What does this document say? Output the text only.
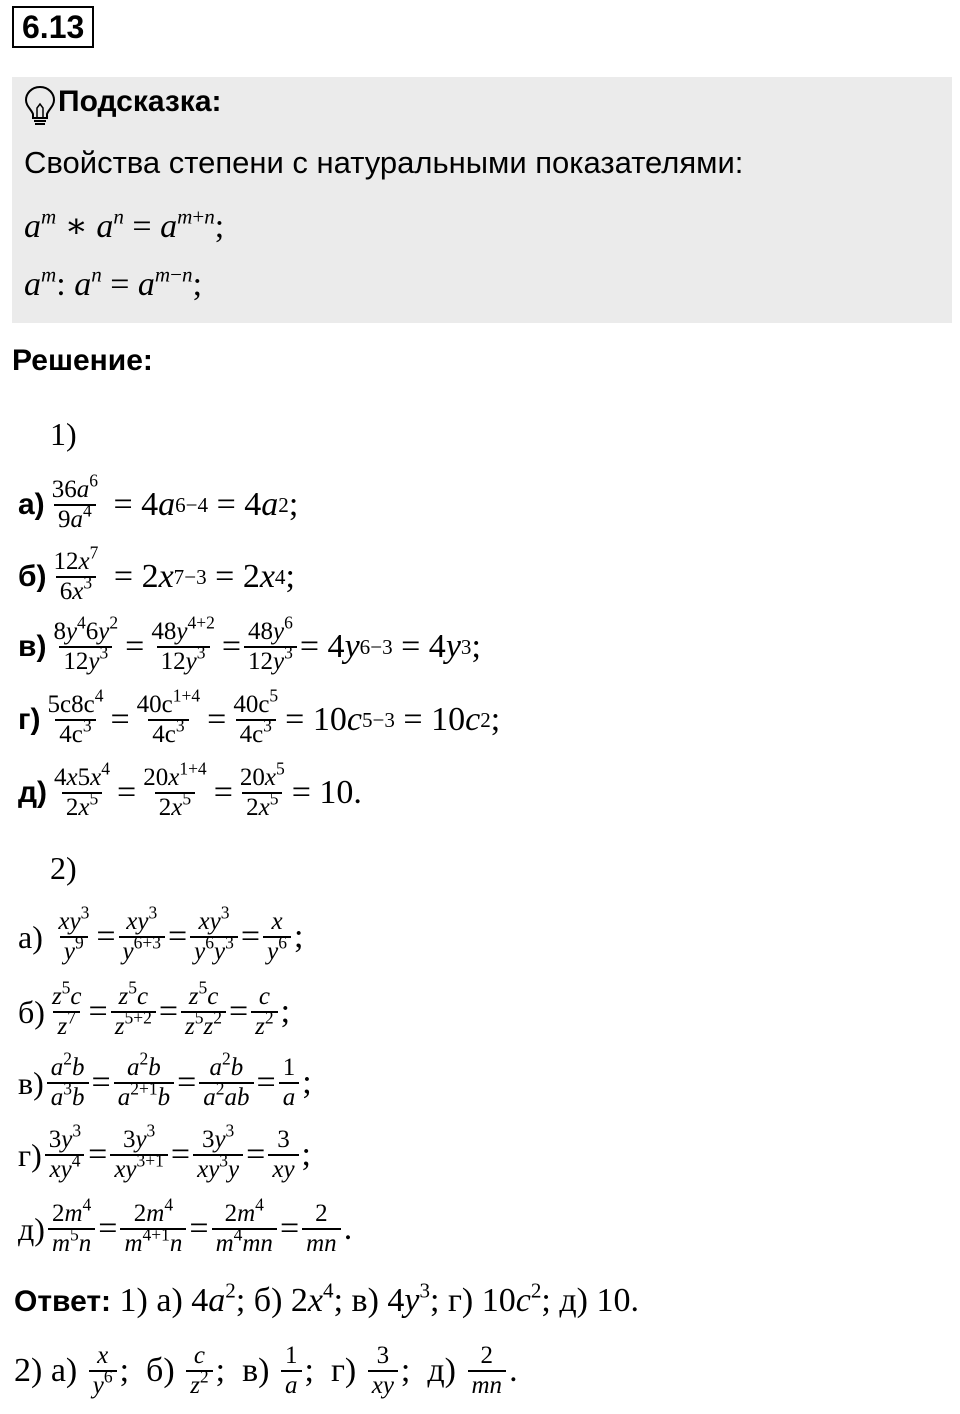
6.13
Подсказка:
Свойства степени с натуральными показателями:
$a^m$ ∗ $a^n = a^{m+n}$;
$a^m$: $a^n = a^{m-n}$;
Решение:
1)
$а) \frac{36a^6}{9a^4} = 4$ a 6−4 = 4 a 2 ;
$б) \frac{12x^7}{6x^3} = 2$ x 7−3 = 2 x 4 ;
$в) \frac{8y^46y^2}{12y^3} = \frac{48y^{4+2}}{12y^3} = \frac{48y^6}{12y^3} = 4$ y 6−3 = 4 y 3 ;
$г) \frac{5c8c^4}{4c^3} = \frac{40c^{1+4}}{4c^3} = \frac{40c^5}{4c^3} = 10$ c 5−3 = 10 c 2 ;
$д) \frac{4x5x^4}{2x^5} = \frac{20x^{1+4}}{2x^5} = \frac{20x^5}{2x^5} = 10$.
2)
а)
$\frac{xy^3}{y^9} = \frac{xy^3}{y^{6+3}} = \frac{xy^3}{y^6y^3} = \frac{x}{y^6}$ ;
$б) \frac{z^5c}{z^7} = \frac{z^5c}{z^{5+2}} = \frac{z^5c}{z^5z^2} = \frac{c}{z^2}$ ;
$в) \frac{a^2b}{a^3b} = \frac{a^2b}{a^{2+1}b} = \frac{a^2b}{a^2ab} = \frac{1}{a}$ ;
$г) \frac{3y^3}{xy^4} = \frac{3y^3}{xy^{3+1}} = \frac{3y^3}{xy^3y} = \frac{3}{xy}$ ;
$д) \frac{2m^4}{m^5n} = \frac{2m^4}{m^{4+1}n} = \frac{2m^4}{m^4mn} = \frac{2}{mn}$ .
Ответ: 1) а) $4a^2$; б) $2x^4$; в) $4y^3$; г) $10c^2$; д) 10.
2) $а) \frac{x}{y^6}$ ;  $б) \frac{c}{z^2}$ ;  $в) \frac{1}{a}$ ;  $г) \frac{3}{xy}$ ;  $д) \frac{2}{mn}$ .
